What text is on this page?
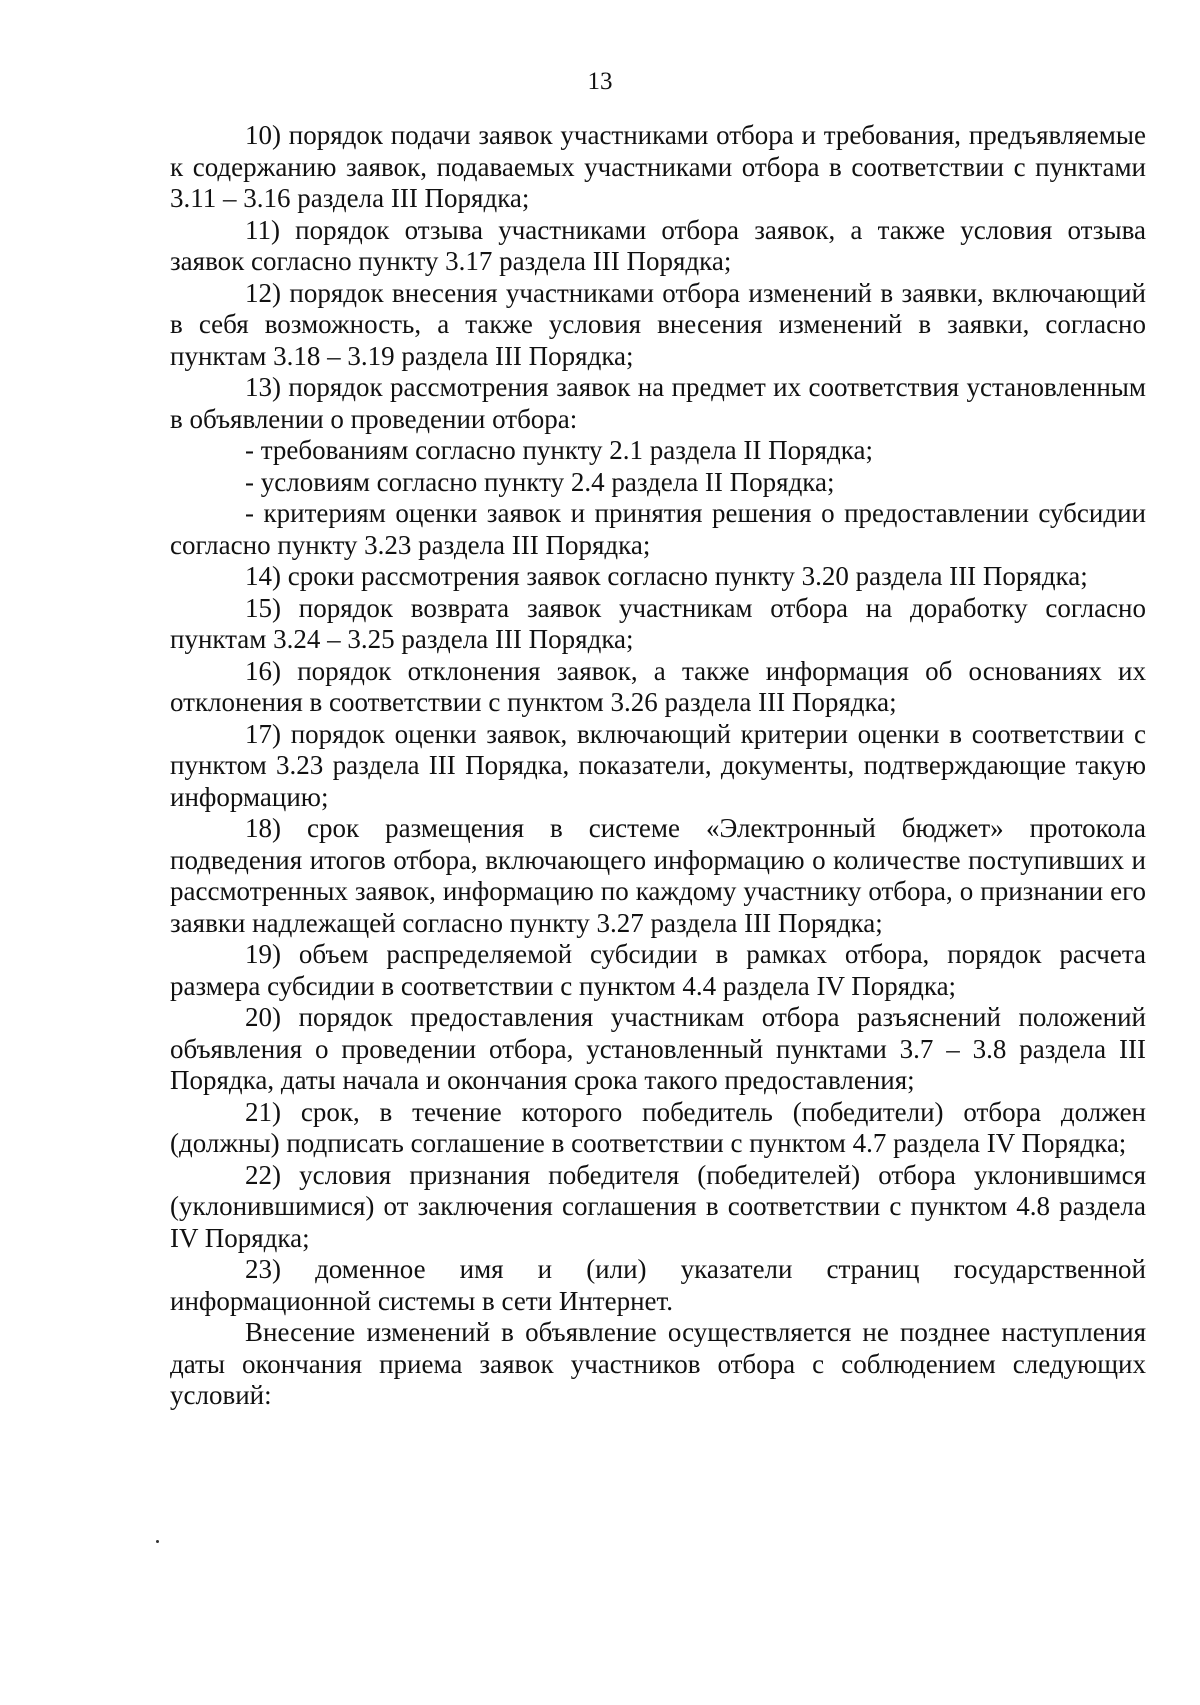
13

10) порядок подачи заявок участниками отбора и требования, предъявляемые к содержанию заявок, подаваемых участниками отбора в соответствии с пунктами 3.11 – 3.16 раздела III Порядка;

11) порядок отзыва участниками отбора заявок, а также условия отзыва заявок согласно пункту 3.17 раздела III Порядка;

12) порядок внесения участниками отбора изменений в заявки, включающий в себя возможность, а также условия внесения изменений в заявки, согласно пунктам 3.18 – 3.19 раздела III Порядка;

13) порядок рассмотрения заявок на предмет их соответствия установленным в объявлении о проведении отбора:

- требованиям согласно пункту 2.1 раздела II Порядка;

- условиям согласно пункту 2.4 раздела II Порядка;

- критериям оценки заявок и принятия решения о предоставлении субсидии согласно пункту 3.23 раздела III Порядка;

14) сроки рассмотрения заявок согласно пункту 3.20 раздела III Порядка;

15) порядок возврата заявок участникам отбора на доработку согласно пунктам 3.24 – 3.25 раздела III Порядка;

16) порядок отклонения заявок, а также информация об основаниях их отклонения в соответствии с пунктом 3.26 раздела III Порядка;

17) порядок оценки заявок, включающий критерии оценки в соответствии с пунктом 3.23 раздела III Порядка, показатели, документы, подтверждающие такую информацию;

18) срок размещения в системе «Электронный бюджет» протокола подведения итогов отбора, включающего информацию о количестве поступивших и рассмотренных заявок, информацию по каждому участнику отбора, о признании его заявки надлежащей согласно пункту 3.27 раздела III Порядка;

19) объем распределяемой субсидии в рамках отбора, порядок расчета размера субсидии в соответствии с пунктом 4.4 раздела IV Порядка;

20) порядок предоставления участникам отбора разъяснений положений объявления о проведении отбора, установленный пунктами 3.7 – 3.8 раздела III Порядка, даты начала и окончания срока такого предоставления;

21) срок, в течение которого победитель (победители) отбора должен (должны) подписать соглашение в соответствии с пунктом 4.7 раздела IV Порядка;

22) условия признания победителя (победителей) отбора уклонившимся (уклонившимися) от заключения соглашения в соответствии с пунктом 4.8 раздела IV Порядка;

23) доменное имя и (или) указатели страниц государственной информационной системы в сети Интернет.

Внесение изменений в объявление осуществляется не позднее наступления даты окончания приема заявок участников отбора с соблюдением следующих условий:
